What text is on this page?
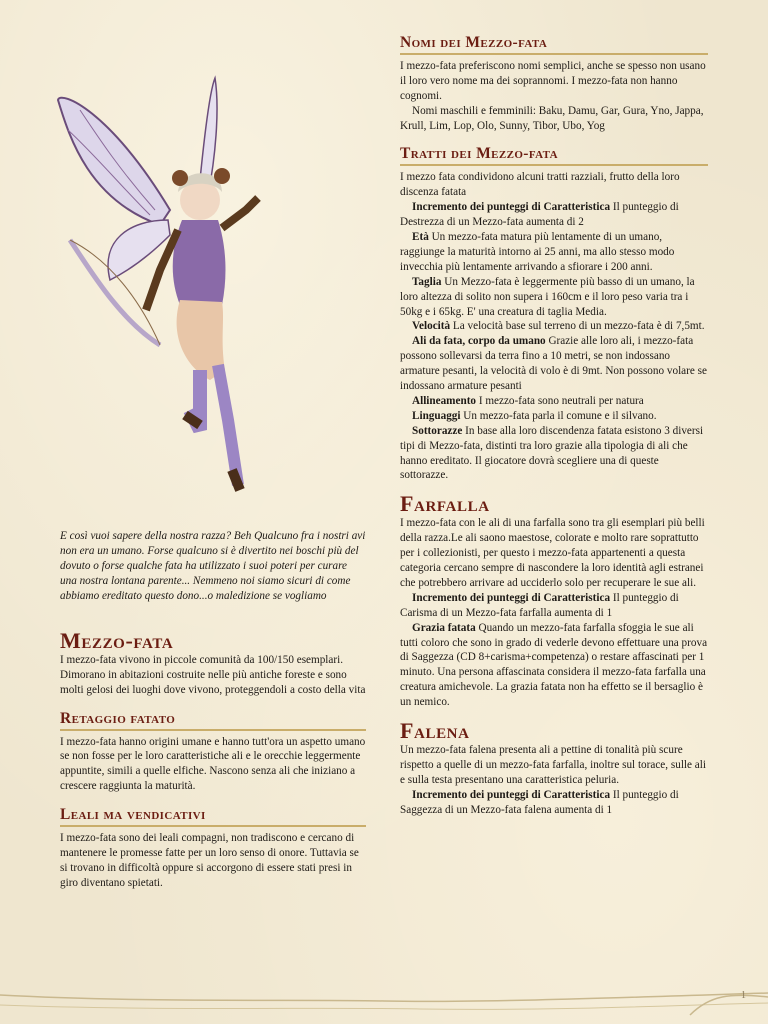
E così vuoi sapere della nostra razza? Beh Qualcuno fra i nostri avi non era un umano. Forse qualcuno si è divertito nei boschi più del dovuto o forse qualche fata ha utilizzato i suoi poteri per curare una nostra lontana parente... Nemmeno noi siamo sicuri di come abbiamo ereditato questo dono...o maledizione se vogliamo
Mezzo-fata

I mezzo-fata vivono in piccole comunità da 100/150 esemplari. Dimorano in abitazioni costruite nelle più antiche foreste e sono molti gelosi dei luoghi dove vivono, proteggendoli a costo della vita

Retaggio fatato

I mezzo-fata hanno origini umane e hanno tutt'ora un aspetto umano se non fosse per le loro caratteristiche ali e le orecchie leggermente appuntite, simili a quelle elfiche. Nascono senza ali che iniziano a crescere raggiunta la maturità.

Leali ma vendicativi

I mezzo-fata sono dei leali compagni, non tradiscono e cercano di mantenere le promesse fatte per un loro senso di onore. Tuttavia se si trovano in difficoltà oppure si accorgono di essere stati presi in giro diventano spietati.

Nomi dei Mezzo-fata

I mezzo-fata preferiscono nomi semplici, anche se spesso non usano il loro vero nome ma dei soprannomi. I mezzo-fata non hanno cognomi.

Nomi maschili e femminili: Baku, Damu, Gar, Gura, Yno, Jappa, Krull, Lim, Lop, Olo, Sunny, Tibor, Ubo, Yog

Tratti dei Mezzo-fata

I mezzo fata condividono alcuni tratti razziali, frutto della loro discenza fatata

Incremento dei punteggi di Caratteristica Il punteggio di Destrezza di un Mezzo-fata aumenta di 2

Età Un mezzo-fata matura più lentamente di un umano, raggiunge la maturità intorno ai 25 anni, ma allo stesso modo invecchia più lentamente arrivando a sfiorare i 200 anni.

Taglia Un Mezzo-fata è leggermente più basso di un umano, la loro altezza di solito non supera i 160cm e il loro peso varia tra i 50kg e i 65kg. E' una creatura di taglia Media.

Velocità La velocità base sul terreno di un mezzo-fata è di 7,5mt.

Ali da fata, corpo da umano Grazie alle loro ali, i mezzo-fata possono sollevarsi da terra fino a 10 metri, se non indossano armature pesanti, la velocità di volo è di 9mt. Non possono volare se indossano armature pesanti

Allineamento I mezzo-fata sono neutrali per natura

Linguaggi Un mezzo-fata parla il comune e il silvano.

Sottorazze In base alla loro discendenza fatata esistono 3 diversi tipi di Mezzo-fata, distinti tra loro grazie alla tipologia di ali che hanno ereditato. Il giocatore dovrà scegliere una di queste sottorazze.

Farfalla

I mezzo-fata con le ali di una farfalla sono tra gli esemplari più belli della razza.Le ali saono maestose, colorate e molto rare soprattutto per i collezionisti, per questo i mezzo-fata appartenenti a questa categoria cercano sempre di nascondere la loro identità agli estranei che potrebbero arrivare ad ucciderlo solo per recuperare le sue ali.

Incremento dei punteggi di Caratteristica Il punteggio di Carisma di un Mezzo-fata farfalla aumenta di 1

Grazia fatata Quando un mezzo-fata farfalla sfoggia le sue ali tutti coloro che sono in grado di vederle devono effettuare una prova di Saggezza (CD 8+carisma+competenza) o restare affascinati per 1 minuto. Una persona affascinata considera il mezzo-fata farfalla una creatura amichevole. La grazia fatata non ha effetto se il bersaglio è un nemico.

Falena

Un mezzo-fata falena presenta ali a pettine di tonalità più scure rispetto a quelle di un mezzo-fata farfalla, inoltre sul torace, sulle ali e sulla testa presentano una caratteristica peluria.

Incremento dei punteggi di Caratteristica Il punteggio di Saggezza di un Mezzo-fata falena aumenta di 1

1
